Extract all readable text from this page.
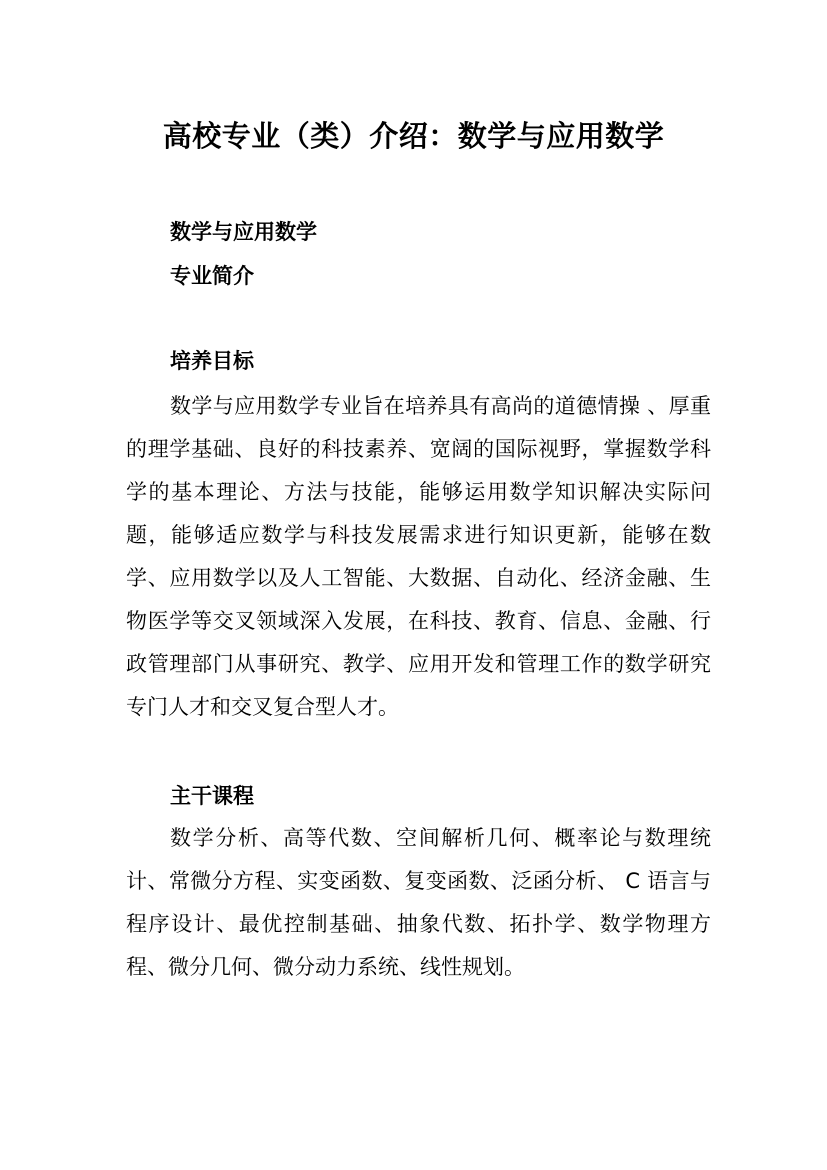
高校专业（类）介绍：数学与应用数学
数学与应用数学
专业简介
培养目标

数学与应用数学专业旨在培养具有高尚的道德情操 、厚重的理学基础、良好的科技素养、宽阔的国际视野，掌握数学科学的基本理论、方法与技能，能够运用数学知识解决实际问题，能够适应数学与科技发展需求进行知识更新，能够在数学、应用数学以及人工智能、大数据、自动化、经济金融、生物医学等交叉领域深入发展，在科技、教育、信息、金融、行政管理部门从事研究、教学、应用开发和管理工作的数学研究专门人才和交叉复合型人才。

主干课程

数学分析、高等代数、空间解析几何、概率论与数理统计、常微分方程、实变函数、复变函数、泛函分析、 C 语言与程序设计、最优控制基础、抽象代数、拓扑学、数学物理方程、微分几何、微分动力系统、线性规划。
